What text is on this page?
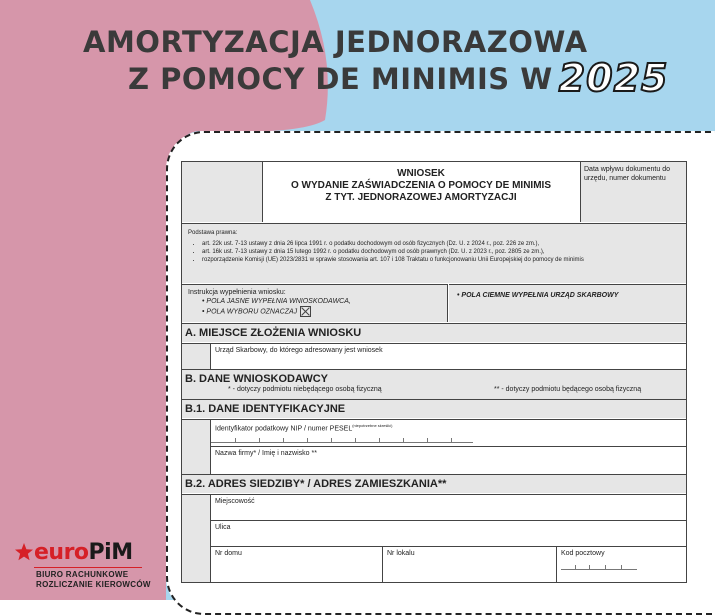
AMORTYZACJA JEDNORAZOWA
Z POMOCY DE MINIMIS W 2025
WNIOSEK
O WYDANIE ZAŚWIADCZENIA O POMOCY DE MINIMIS
Z TYT. JEDNORAZOWEJ AMORTYZACJI
Data wpływu dokumentu do urzędu, numer dokumentu
Podstawa prawna:
• art. 22k ust. 7-13 ustawy z dnia 26 lipca 1991 r. o podatku dochodowym od osób fizycznych (Dz. U. z 2024 r., poz. 226 ze zm.),
• art. 16k ust. 7-13 ustawy z dnia 15 lutego 1992 r. o podatku dochodowym od osób prawnych (Dz. U. z 2023 r., poz. 2805 ze zm.),
• rozporządzenie Komisji (UE) 2023/2831 w sprawie stosowania art. 107 i 108 Traktatu o funkcjonowaniu Unii Europejskiej do pomocy de minimis
Instrukcja wypełnienia wniosku:
• POLA JASNE WYPEŁNIA WNIOSKODAWCA,
• POLA WYBORU OZNACZAJ
• POLA CIEMNE WYPEŁNIA URZĄD SKARBOWY
A. MIEJSCE ZŁOŻENIA WNIOSKU
Urząd Skarbowy, do którego adresowany jest wniosek
B. DANE WNIOSKODAWCY
* - dotyczy podmiotu niebędącego osobą fizyczną	** - dotyczy podmiotu będącego osobą fizyczną
B.1. DANE IDENTYFIKACYJNE
Identyfikator podatkowy NIP / numer $PESEL^{(niepotrzebne skreślić)}$
Nazwa firmy* / Imię i nazwisko **
B.2. ADRES SIEDZIBY* / ADRES ZAMIESZKANIA**
Miejscowość
Ulica
Nr domu	Nr lokalu	Kod pocztowy
euroPiM
BIURO RACHUNKOWE
ROZLICZANIE KIEROWCÓW
